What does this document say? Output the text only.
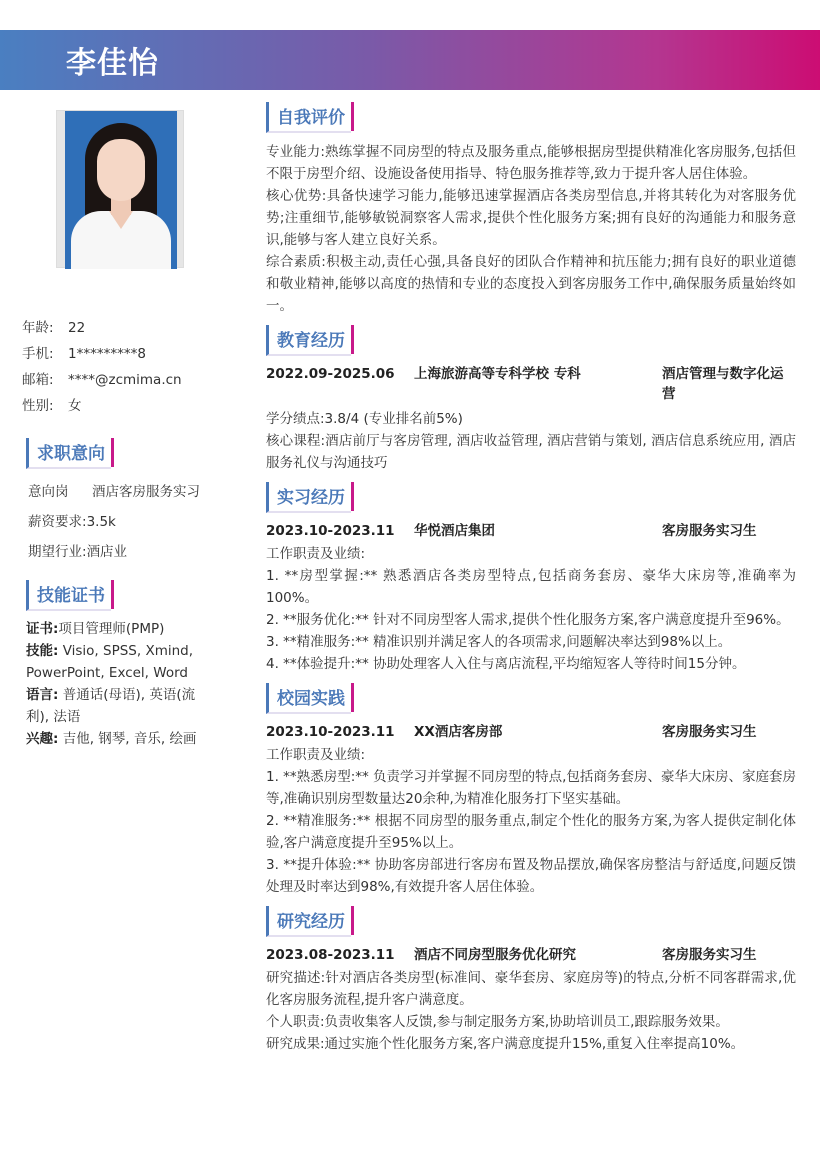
李佳怡
年龄: 22
手机: 1*********8
邮箱: ****@zcmima.cn
性别: 女
求职意向
意向岗 酒店客房服务实习
薪资要求:3.5k
期望行业:酒店业
技能证书
证书:项目管理师(PMP)
技能: Visio, SPSS, Xmind, PowerPoint, Excel, Word
语言: 普通话(母语), 英语(流利), 法语
兴趣: 吉他, 钢琴, 音乐, 绘画
自我评价

专业能力:熟练掌握不同房型的特点及服务重点,能够根据房型提供精准化客房服务,包括但不限于房型介绍、设施设备使用指导、特色服务推荐等,致力于提升客人居住体验。

核心优势:具备快速学习能力,能够迅速掌握酒店各类房型信息,并将其转化为对客服务优势;注重细节,能够敏锐洞察客人需求,提供个性化服务方案;拥有良好的沟通能力和服务意识,能够与客人建立良好关系。

综合素质:积极主动,责任心强,具备良好的团队合作精神和抗压能力;拥有良好的职业道德和敬业精神,能够以高度的热情和专业的态度投入到客房服务工作中,确保服务质量始终如一。

教育经历
2022.09-2025.06 上海旅游高等专科学校 专科	酒店管理与数字化运营

学分绩点:3.8/4 (专业排名前5%)

核心课程:酒店前厅与客房管理, 酒店收益管理, 酒店营销与策划, 酒店信息系统应用, 酒店服务礼仪与沟通技巧

实习经历
2023.10-2023.11 华悦酒店集团	客房服务实习生

工作职责及业绩:

1. **房型掌握:** 熟悉酒店各类房型特点,包括商务套房、豪华大床房等,准确率为100%。

2. **服务优化:** 针对不同房型客人需求,提供个性化服务方案,客户满意度提升至96%。

3. **精准服务:** 精准识别并满足客人的各项需求,问题解决率达到98%以上。

4. **体验提升:** 协助处理客人入住与离店流程,平均缩短客人等待时间15分钟。

校园实践
2023.10-2023.11 XX酒店客房部	客房服务实习生

工作职责及业绩:

1. **熟悉房型:** 负责学习并掌握不同房型的特点,包括商务套房、豪华大床房、家庭套房等,准确识别房型数量达20余种,为精准化服务打下坚实基础。

2. **精准服务:** 根据不同房型的服务重点,制定个性化的服务方案,为客人提供定制化体验,客户满意度提升至95%以上。

3. **提升体验:** 协助客房部进行客房布置及物品摆放,确保客房整洁与舒适度,问题反馈处理及时率达到98%,有效提升客人居住体验。

研究经历
2023.08-2023.11 酒店不同房型服务优化研究	客房服务实习生

研究描述:针对酒店各类房型(标准间、豪华套房、家庭房等)的特点,分析不同客群需求,优化客房服务流程,提升客户满意度。

个人职责:负责收集客人反馈,参与制定服务方案,协助培训员工,跟踪服务效果。

研究成果:通过实施个性化服务方案,客户满意度提升15%,重复入住率提高10%。
